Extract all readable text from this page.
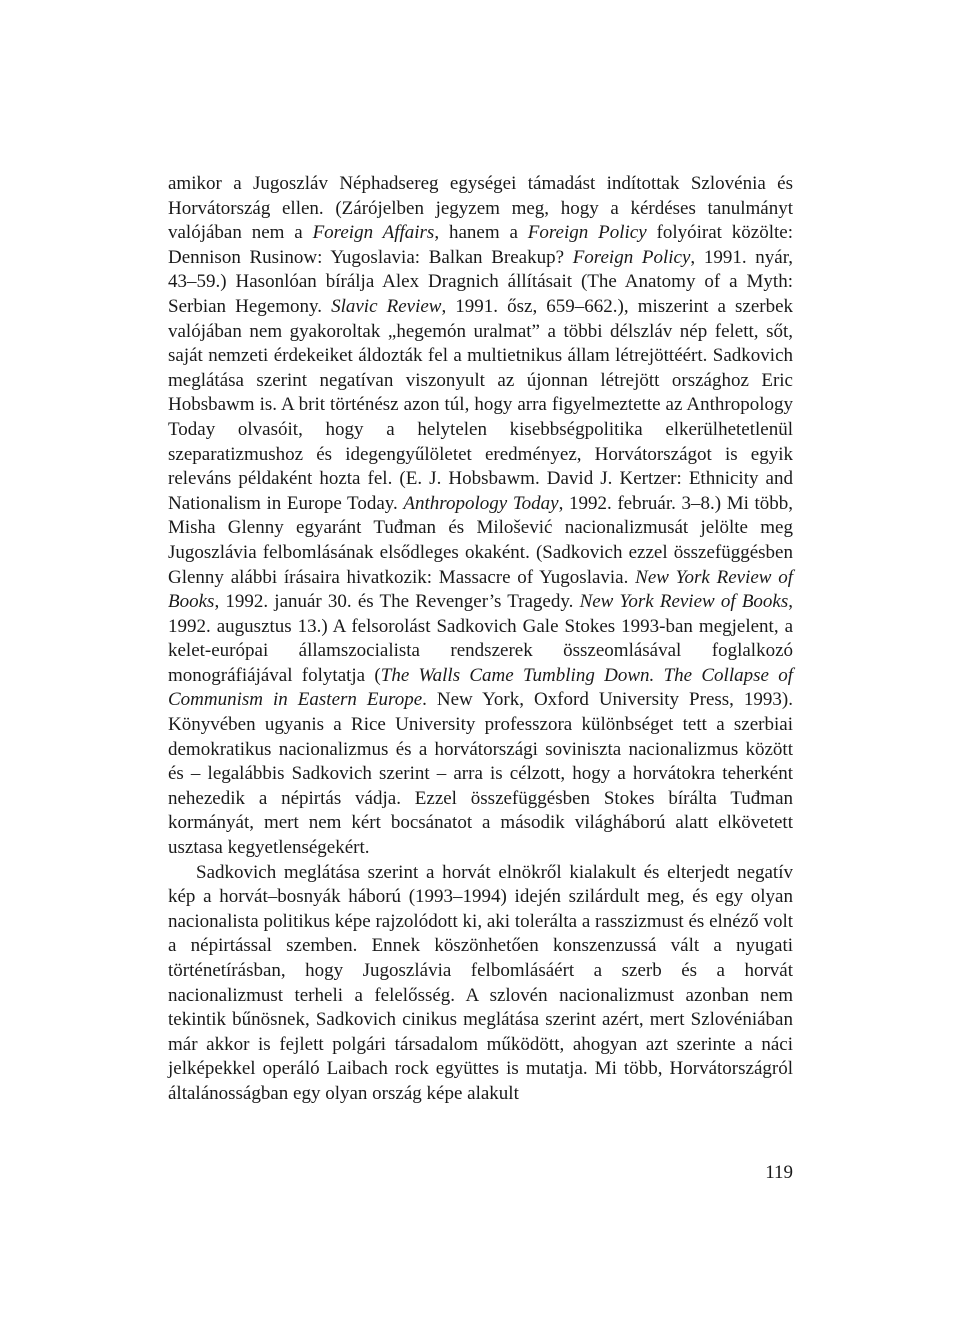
amikor a Jugoszláv Néphadsereg egységei támadást indítottak Szlovénia és Horvátország ellen. (Zárójelben jegyzem meg, hogy a kérdéses tanulmányt valójában nem a Foreign Affairs, hanem a Foreign Policy folyóirat közölte: Dennison Rusinow: Yugoslavia: Balkan Breakup? Foreign Policy, 1991. nyár, 43–59.) Hasonlóan bírálja Alex Dragnich állításait (The Anatomy of a Myth: Serbian Hegemony. Slavic Review, 1991. ősz, 659–662.), miszerint a szerbek valójában nem gyakoroltak „hegemón uralmat” a többi délszláv nép felett, sőt, saját nemzeti érdekeiket áldozták fel a multietnikus állam létrejöttéért. Sadkovich meglátása szerint negatívan viszonyult az újonnan létrejött országhoz Eric Hobsbawm is. A brit történész azon túl, hogy arra figyelmeztette az Anthropology Today olvasóit, hogy a helytelen kisebbségpolitika elkerülhetetlenül szeparatizmushoz és idegengyűlöletet eredményez, Horvátországot is egyik releváns példaként hozta fel. (E. J. Hobsbawm. David J. Kertzer: Ethnicity and Nationalism in Europe Today. Anthropology Today, 1992. február. 3–8.) Mi több, Misha Glenny egyaránt Tuđman és Milošević nacionalizmusát jelölte meg Jugoszlávia felbomlásának elsődleges okaként. (Sadkovich ezzel összefüggésben Glenny alábbi írásaira hivatkozik: Massacre of Yugoslavia. New York Review of Books, 1992. január 30. és The Revenger’s Tragedy. New York Review of Books, 1992. augusztus 13.) A felsorolást Sadkovich Gale Stokes 1993-ban megjelent, a kelet-európai államszocialista rendszerek összeomlásával foglalkozó monográfiájával folytatja (The Walls Came Tumbling Down. The Collapse of Communism in Eastern Europe. New York, Oxford University Press, 1993). Könyvében ugyanis a Rice University professzora különbséget tett a szerbiai demokratikus nacionalizmus és a horvátországi soviniszta nacionalizmus között és – legalábbis Sadkovich szerint – arra is célzott, hogy a horvátokra teherként nehezedik a népirtás vádja. Ezzel összefüggésben Stokes bírálta Tuđman kormányát, mert nem kért bocsánatot a második világháború alatt elkövetett usztasa kegyetlenségekért.

Sadkovich meglátása szerint a horvát elnökről kialakult és elterjedt negatív kép a horvát–bosnyák háború (1993–1994) idején szilárdult meg, és egy olyan nacionalista politikus képe rajzolódott ki, aki tolerálta a rasszizmust és elnéző volt a népirtással szemben. Ennek köszönhetően konszenzussá vált a nyugati történetírásban, hogy Jugoszlávia felbomlásáért a szerb és a horvát nacionalizmust terheli a felelősség. A szlovén nacionalizmust azonban nem tekintik bűnösnek, Sadkovich cinikus meglátása szerint azért, mert Szlovéniában már akkor is fejlett polgári társadalom működött, ahogyan azt szerinte a náci jelképekkel operáló Laibach rock együttes is mutatja. Mi több, Horvátországról általánosságban egy olyan ország képe alakult

119
